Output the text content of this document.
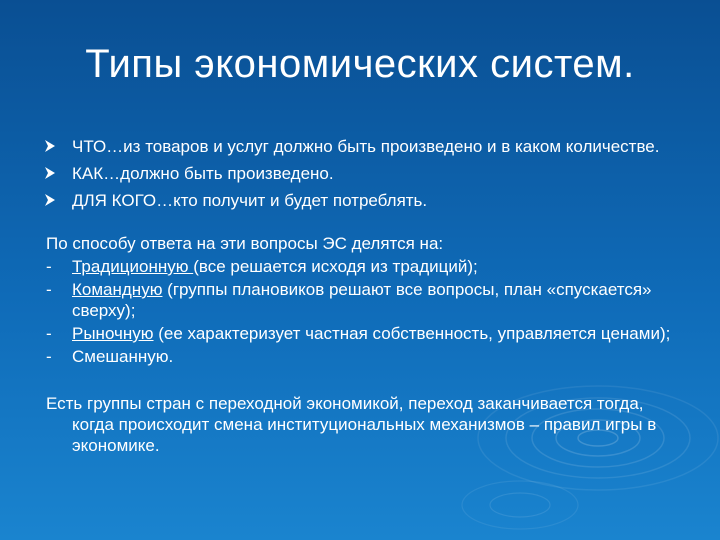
Типы экономических систем.
ЧТО…из товаров и услуг должно быть произведено и в каком количестве.
КАК…должно быть произведено.
ДЛЯ КОГО…кто получит и будет потреблять.
По способу ответа на эти вопросы ЭС делятся на:
- Традиционную (все решается исходя из традиций);
- Командную (группы плановиков решают все вопросы, план «спускается» сверху);
- Рыночную (ее характеризует частная собственность, управляется ценами);
- Смешанную.
Есть группы стран с переходной экономикой, переход заканчивается тогда, когда происходит смена институциональных механизмов – правил игры в экономике.
